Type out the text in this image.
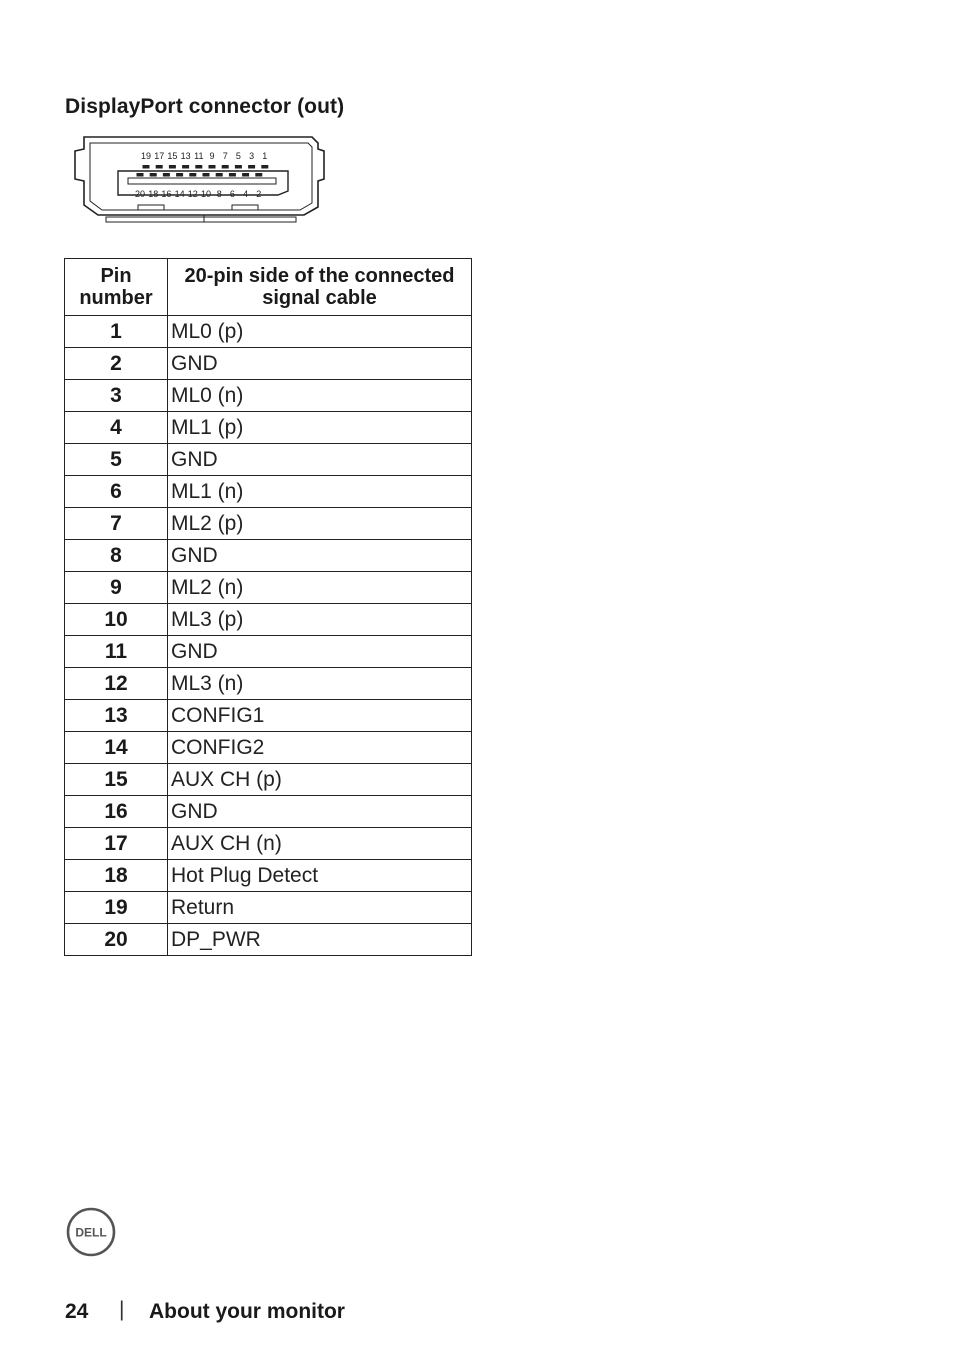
DisplayPort connector (out)
19 17 15 13 11 9 7 5 3 1
20 18 16 14 12 10 8 6 4 2
Pin number	20-pin side of the connected signal cable
1	ML0 (p)
2	GND
3	ML0 (n)
4	ML1 (p)
5	GND
6	ML1 (n)
7	ML2 (p)
8	GND
9	ML2 (n)
10	ML3 (p)
11	GND
12	ML3 (n)
13	CONFIG1
14	CONFIG2
15	AUX CH (p)
16	GND
17	AUX CH (n)
18	Hot Plug Detect
19	Return
20	DP_PWR
DELL
24 | About your monitor
